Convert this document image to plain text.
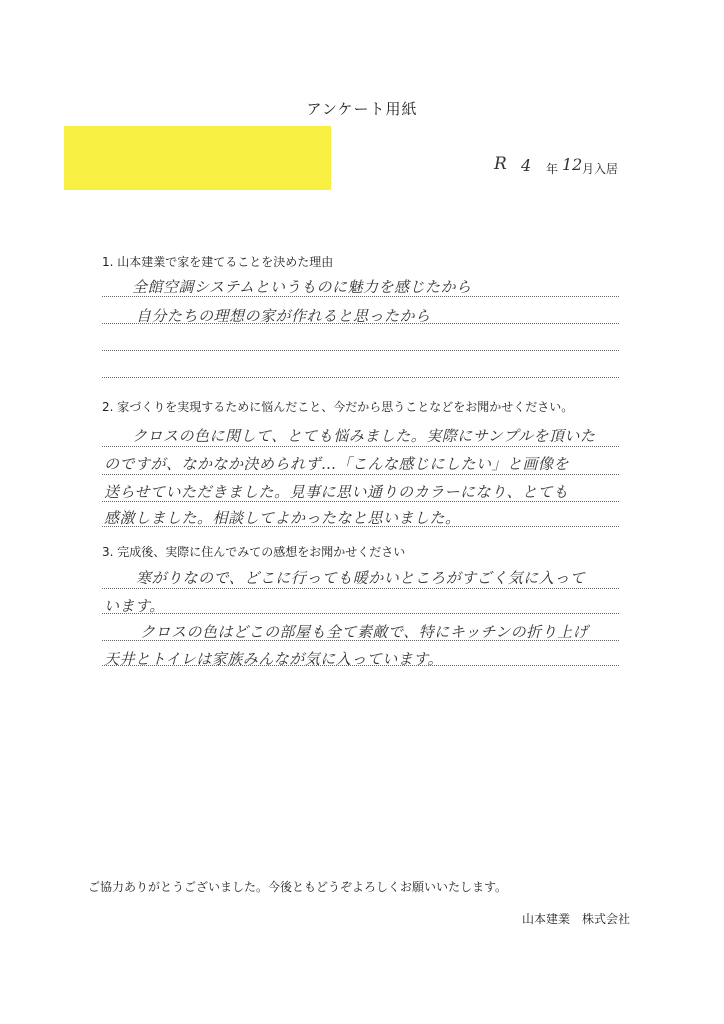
アンケート用紙
R 4 年 12 月入居
1. 山本建業で家を建てることを決めた理由
全館空調システムというものに魅力を感じたから
自分たちの理想の家が作れると思ったから
2. 家づくりを実現するために悩んだこと、今だから思うことなどをお聞かせください。
クロスの色に関して、とても悩みました。実際にサンプルを頂いた
のですが、なかなか決められず…「こんな感じにしたい」と画像を
送らせていただきました。見事に思い通りのカラーになり、とても
感激しました。相談してよかったなと思いました。
3. 完成後、実際に住んでみての感想をお聞かせください
寒がりなので、どこに行っても暖かいところがすごく気に入って
います。
クロスの色はどこの部屋も全て素敵で、特にキッチンの折り上げ
天井とトイレは家族みんなが気に入っています。
ご協力ありがとうございました。今後ともどうぞよろしくお願いいたします。
山本建業　株式会社
